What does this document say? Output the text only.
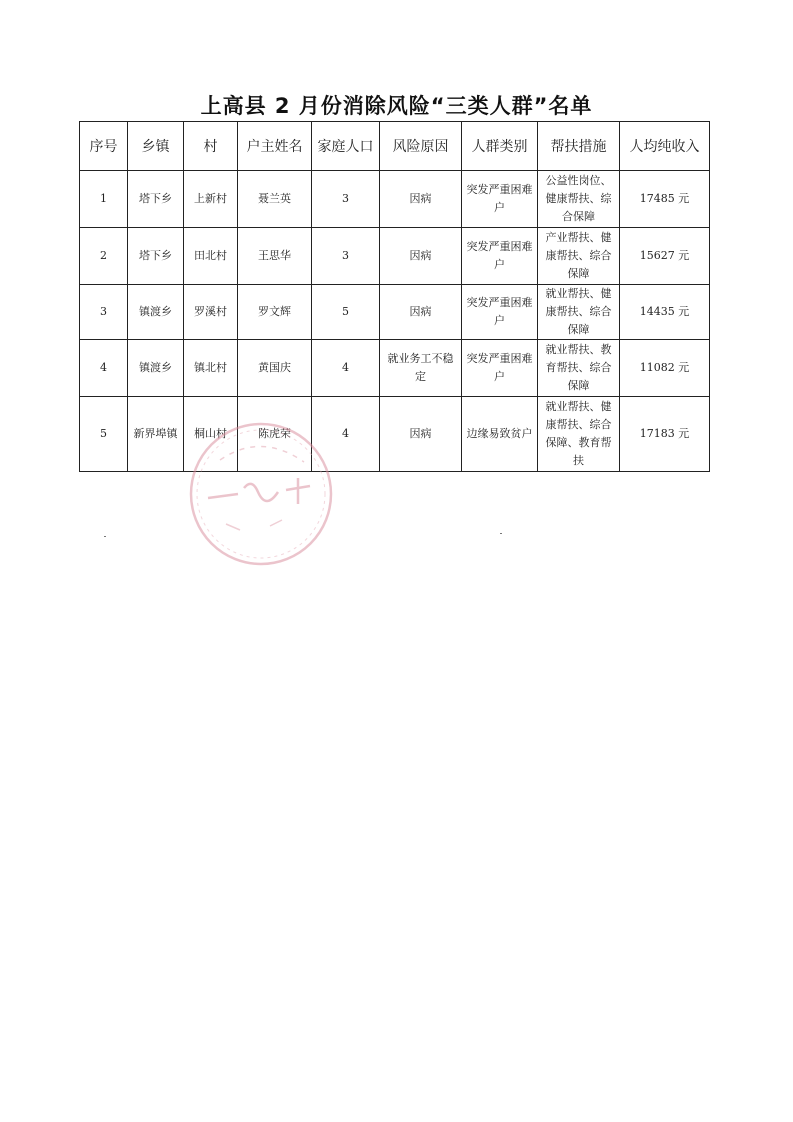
上高县 2 月份消除风险“三类人群”名单
序号	乡镇	村	户主姓名	家庭人口	风险原因	人群类别	帮扶措施	人均纯收入
1	塔下乡	上新村	聂兰英	3	因病	突发严重困难户	公益性岗位、健康帮扶、综合保障	17485 元
2	塔下乡	田北村	王思华	3	因病	突发严重困难户	产业帮扶、健康帮扶、综合保障	15627 元
3	镇渡乡	罗溪村	罗文辉	5	因病	突发严重困难户	就业帮扶、健康帮扶、综合保障	14435 元
4	镇渡乡	镇北村	黄国庆	4	就业务工不稳定	突发严重困难户	就业帮扶、教育帮扶、综合保障	11082 元
5	新界埠镇	桐山村	陈虎荣	4	因病	边缘易致贫户	就业帮扶、健康帮扶、综合保障、教育帮扶	17183 元
